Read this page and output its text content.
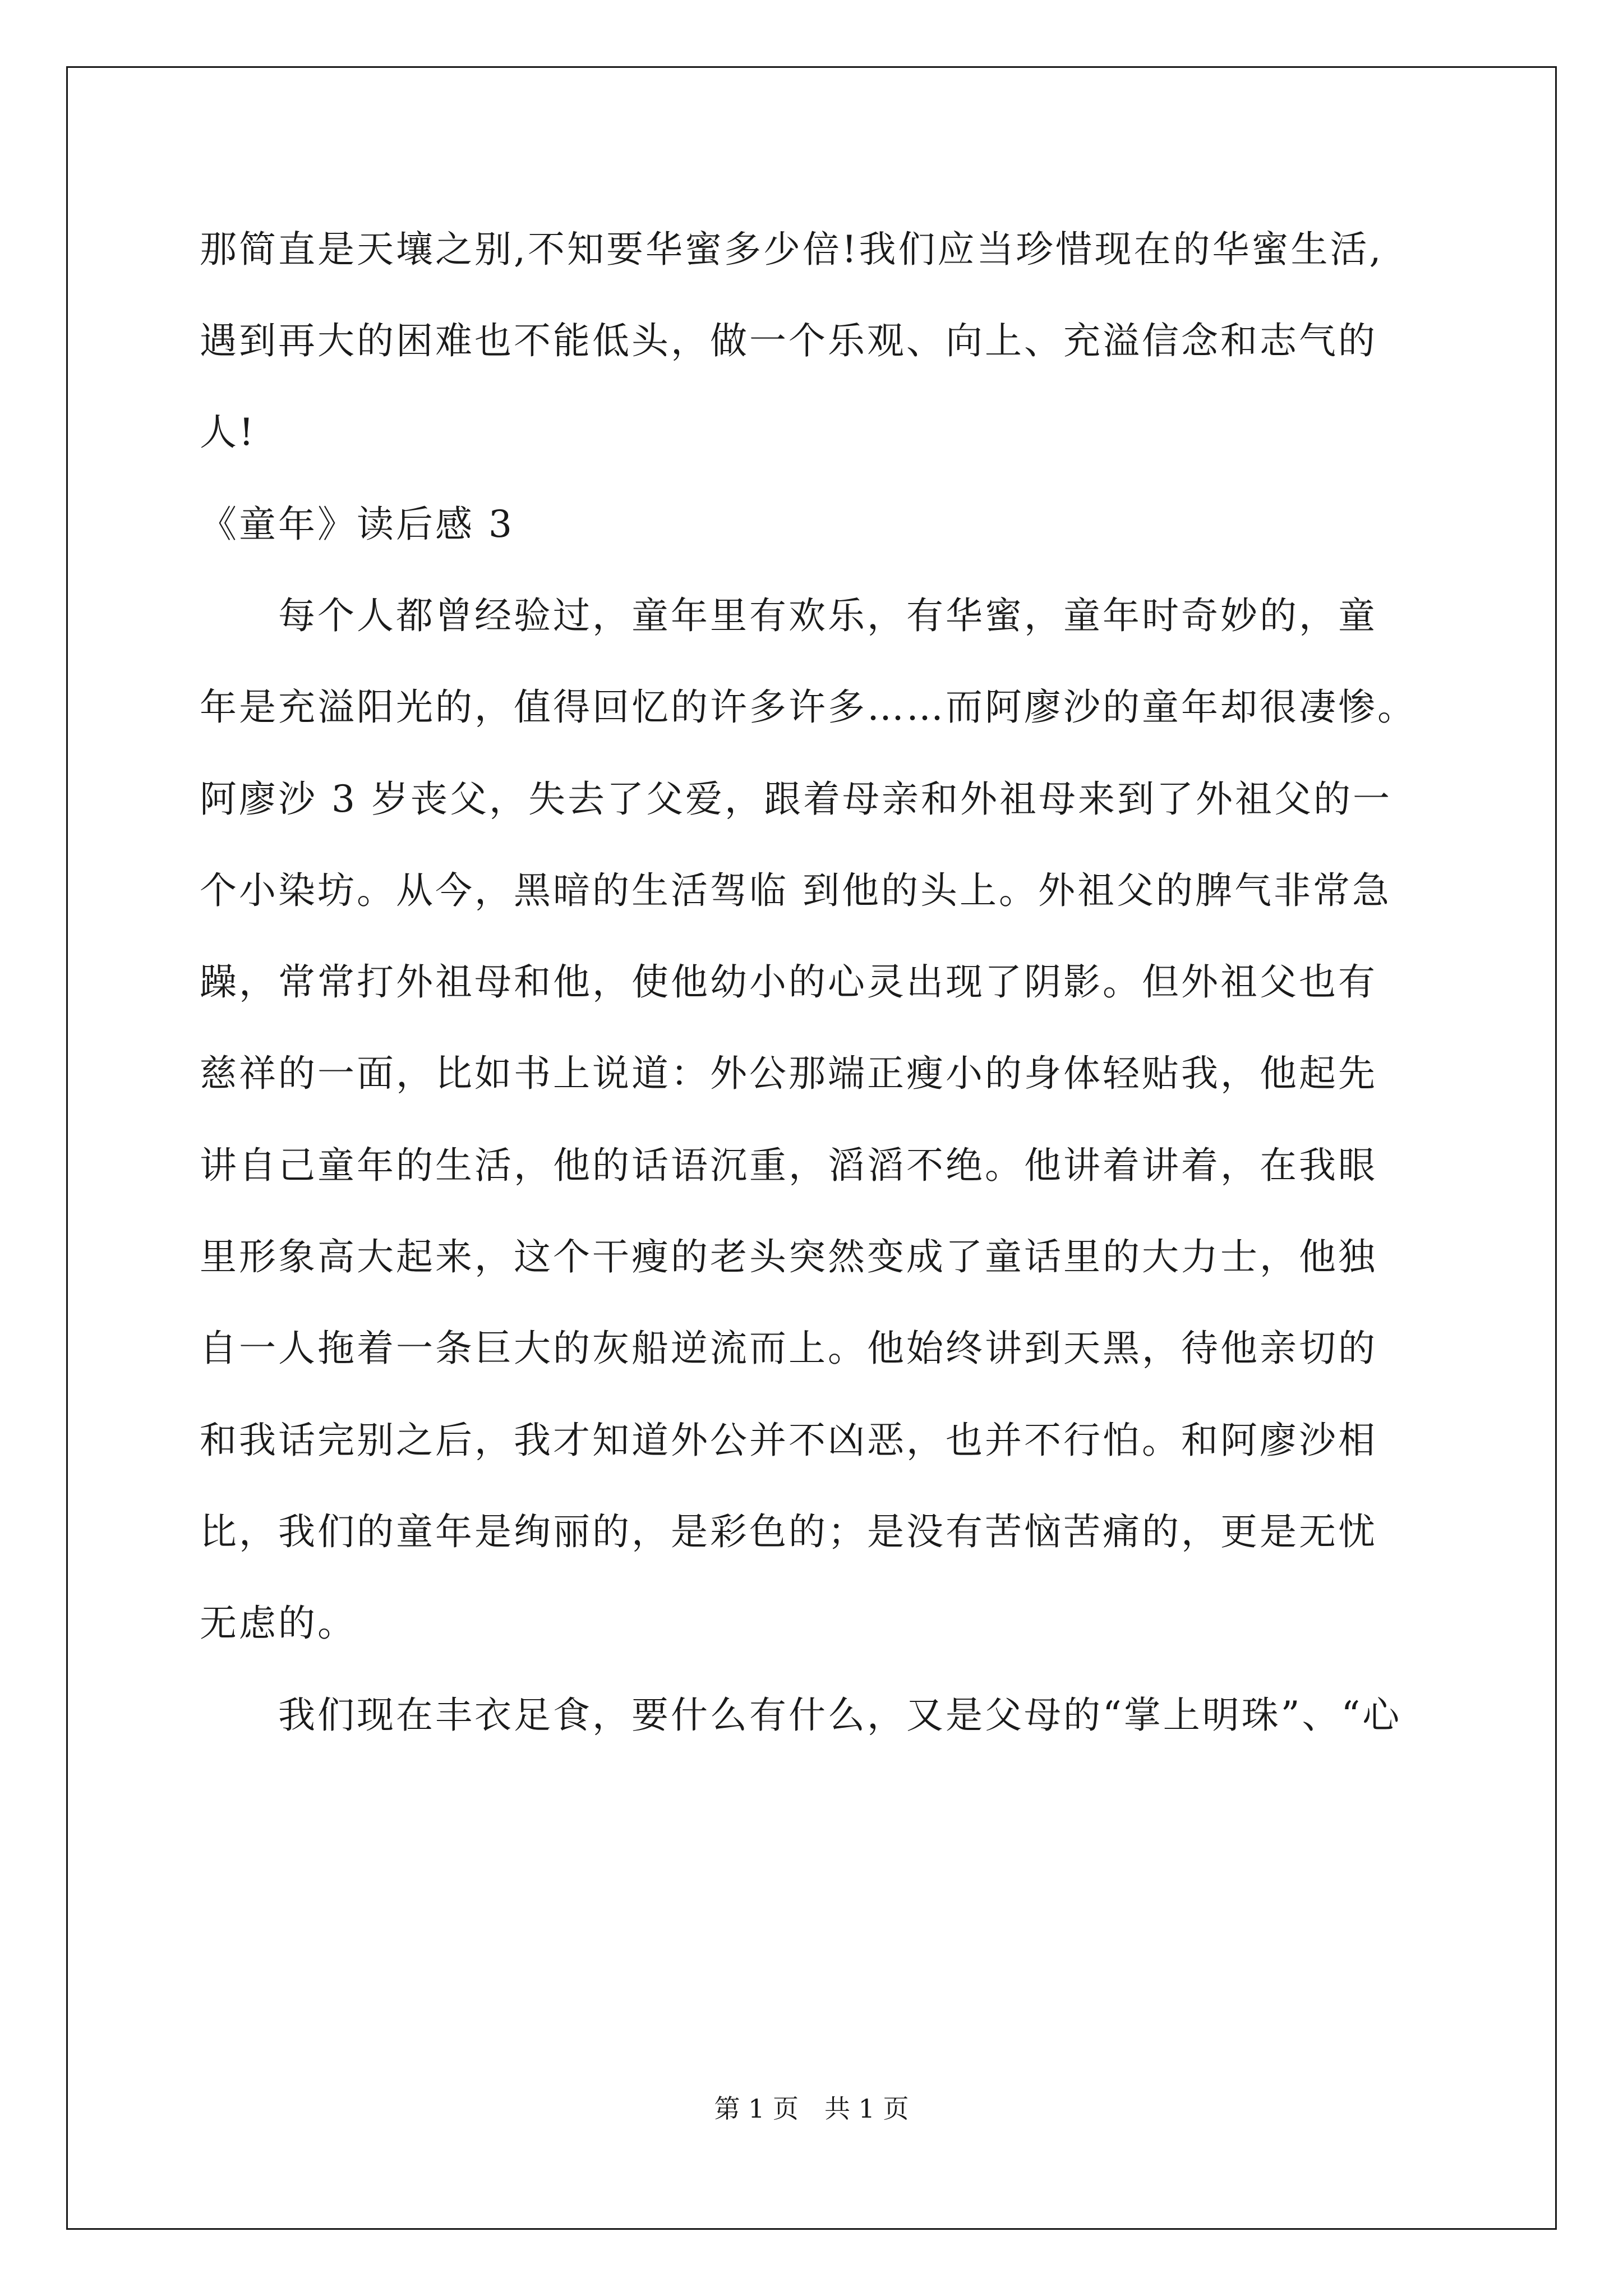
那简直是天壤之别,不知要华蜜多少倍!我们应当珍惜现在的华蜜生活,
遇到再大的困难也不能低头，做一个乐观、向上、充溢信念和志气的
人!
《童年》读后感 3
　　每个人都曾经验过，童年里有欢乐，有华蜜，童年时奇妙的，童
年是充溢阳光的，值得回忆的许多许多……而阿廖沙的童年却很凄惨。
阿廖沙 3 岁丧父，失去了父爱，跟着母亲和外祖母来到了外祖父的一
个小染坊。从今，黑暗的生活驾临 到他的头上。外祖父的脾气非常急
躁，常常打外祖母和他，使他幼小的心灵出现了阴影。但外祖父也有
慈祥的一面，比如书上说道：外公那端正瘦小的身体轻贴我，他起先
讲自己童年的生活，他的话语沉重，滔滔不绝。他讲着讲着，在我眼
里形象高大起来，这个干瘦的老头突然变成了童话里的大力士，他独
自一人拖着一条巨大的灰船逆流而上。他始终讲到天黑，待他亲切的
和我话完别之后，我才知道外公并不凶恶，也并不行怕。和阿廖沙相
比，我们的童年是绚丽的，是彩色的；是没有苦恼苦痛的，更是无忧
无虑的。
　　我们现在丰衣足食，要什么有什么，又是父母的“掌上明珠”、“心
第 1 页　共 1 页
